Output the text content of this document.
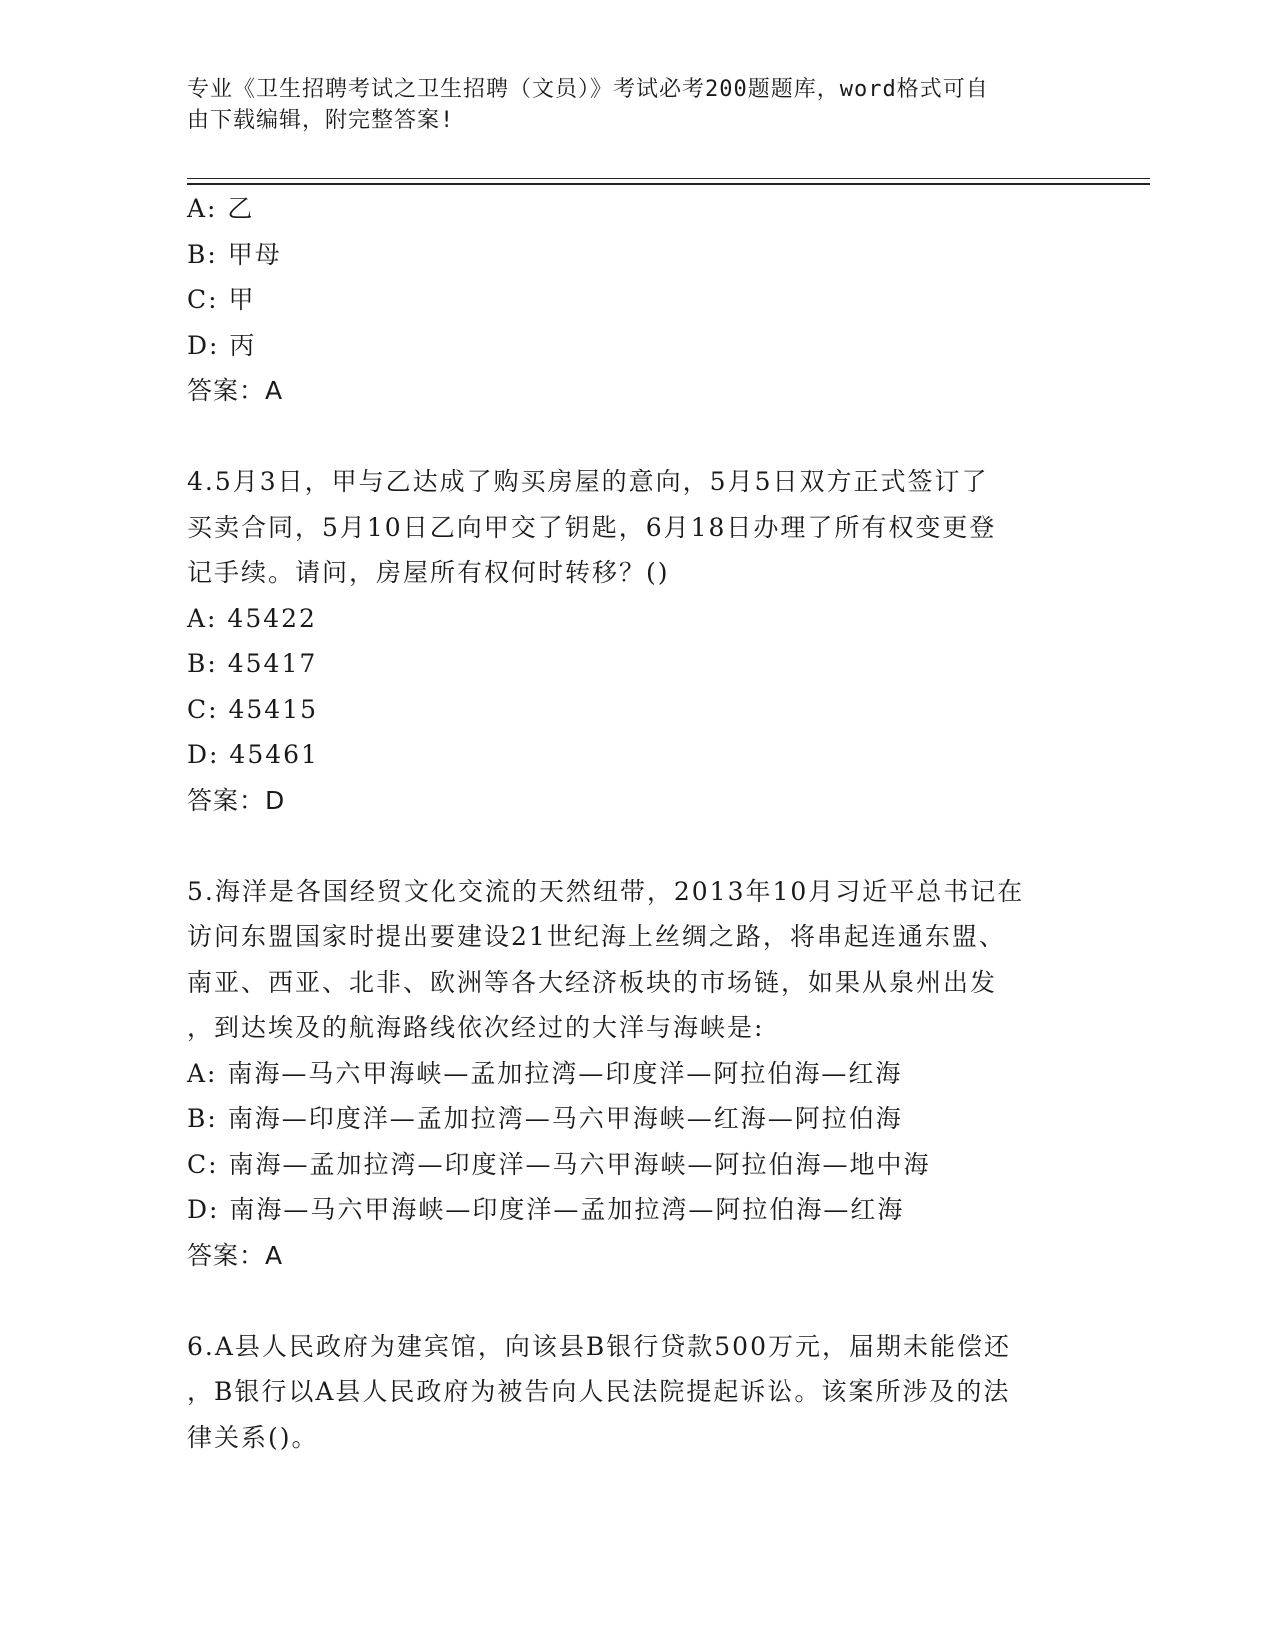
专业《卫生招聘考试之卫生招聘（文员）》考试必考200题题库，word格式可自
由下载编辑，附完整答案!

A: 乙

B: 甲母

C: 甲

D: 丙

答案：A

4.5月3日，甲与乙达成了购买房屋的意向，5月5日双方正式签订了

买卖合同，5月10日乙向甲交了钥匙，6月18日办理了所有权变更登

记手续。请问，房屋所有权何时转移？()

A: 45422

B: 45417

C: 45415

D: 45461

答案：D

5.海洋是各国经贸文化交流的天然纽带，2013年10月习近平总书记在

访问东盟国家时提出要建设21世纪海上丝绸之路，将串起连通东盟、

南亚、西亚、北非、欧洲等各大经济板块的市场链，如果从泉州出发

，到达埃及的航海路线依次经过的大洋与海峡是:

A: 南海—马六甲海峡—孟加拉湾—印度洋—阿拉伯海—红海

B: 南海—印度洋—孟加拉湾—马六甲海峡—红海—阿拉伯海

C: 南海—孟加拉湾—印度洋—马六甲海峡—阿拉伯海—地中海

D: 南海—马六甲海峡—印度洋—孟加拉湾—阿拉伯海—红海

答案：A

6.A县人民政府为建宾馆，向该县B银行贷款500万元，届期未能偿还

，B银行以A县人民政府为被告向人民法院提起诉讼。该案所涉及的法

律关系()。
